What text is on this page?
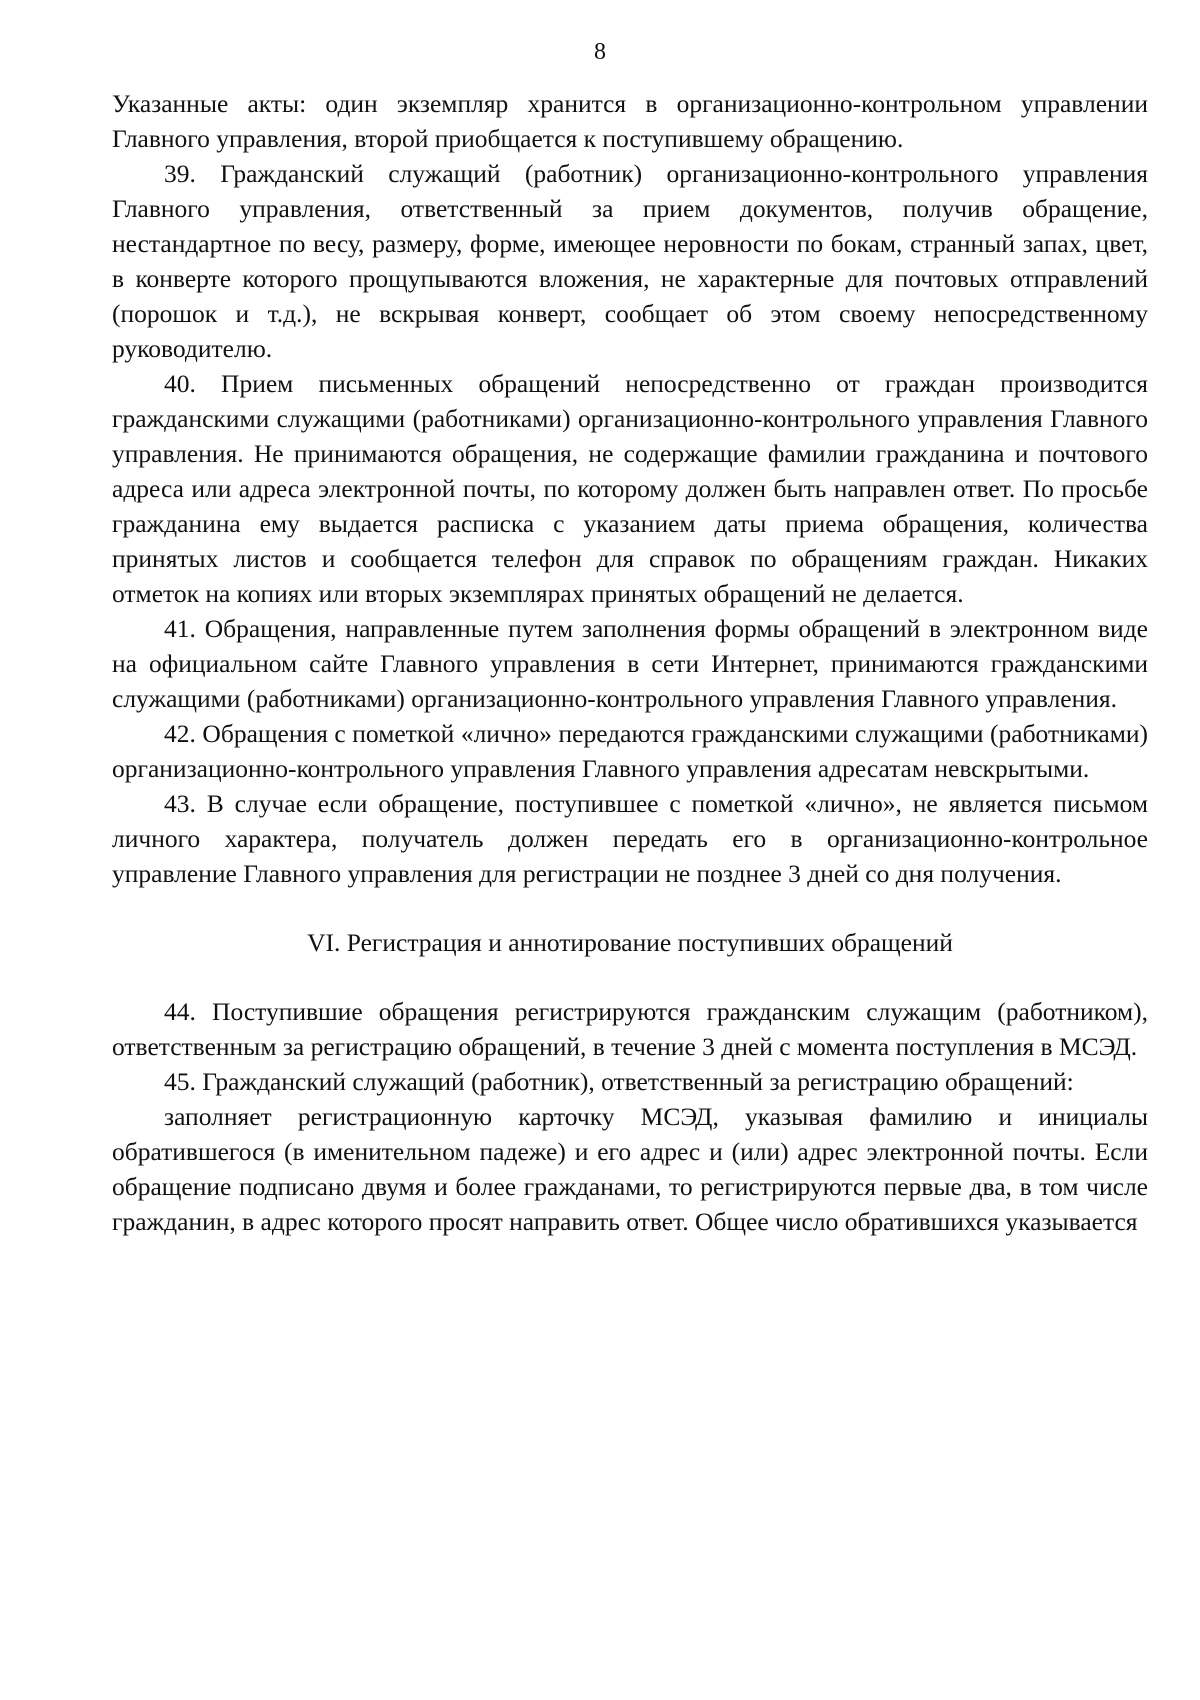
8

Указанные акты: один экземпляр хранится в организационно-контрольном управлении Главного управления, второй приобщается к поступившему обращению.

39. Гражданский служащий (работник) организационно-контрольного управления Главного управления, ответственный за прием документов, получив обращение, нестандартное по весу, размеру, форме, имеющее неровности по бокам, странный запах, цвет, в конверте которого прощупываются вложения, не характерные для почтовых отправлений (порошок и т.д.), не вскрывая конверт, сообщает об этом своему непосредственному руководителю.

40. Прием письменных обращений непосредственно от граждан производится гражданскими служащими (работниками) организационно-контрольного управления Главного управления. Не принимаются обращения, не содержащие фамилии гражданина и почтового адреса или адреса электронной почты, по которому должен быть направлен ответ. По просьбе гражданина ему выдается расписка с указанием даты приема обращения, количества принятых листов и сообщается телефон для справок по обращениям граждан. Никаких отметок на копиях или вторых экземплярах принятых обращений не делается.

41. Обращения, направленные путем заполнения формы обращений в электронном виде на официальном сайте Главного управления в сети Интернет, принимаются гражданскими служащими (работниками) организационно-контрольного управления Главного управления.

42. Обращения с пометкой «лично» передаются гражданскими служащими (работниками) организационно-контрольного управления Главного управления адресатам невскрытыми.

43. В случае если обращение, поступившее с пометкой «лично», не является письмом личного характера, получатель должен передать его в организационно-контрольное управление Главного управления для регистрации не позднее 3 дней со дня получения.

VI. Регистрация и аннотирование поступивших обращений

44. Поступившие обращения регистрируются гражданским служащим (работником), ответственным за регистрацию обращений, в течение 3 дней с момента поступления в МСЭД.

45. Гражданский служащий (работник), ответственный за регистрацию обращений:

заполняет регистрационную карточку МСЭД, указывая фамилию и инициалы обратившегося (в именительном падеже) и его адрес и (или) адрес электронной почты. Если обращение подписано двумя и более гражданами, то регистрируются первые два, в том числе гражданин, в адрес которого просят направить ответ. Общее число обратившихся указывается
